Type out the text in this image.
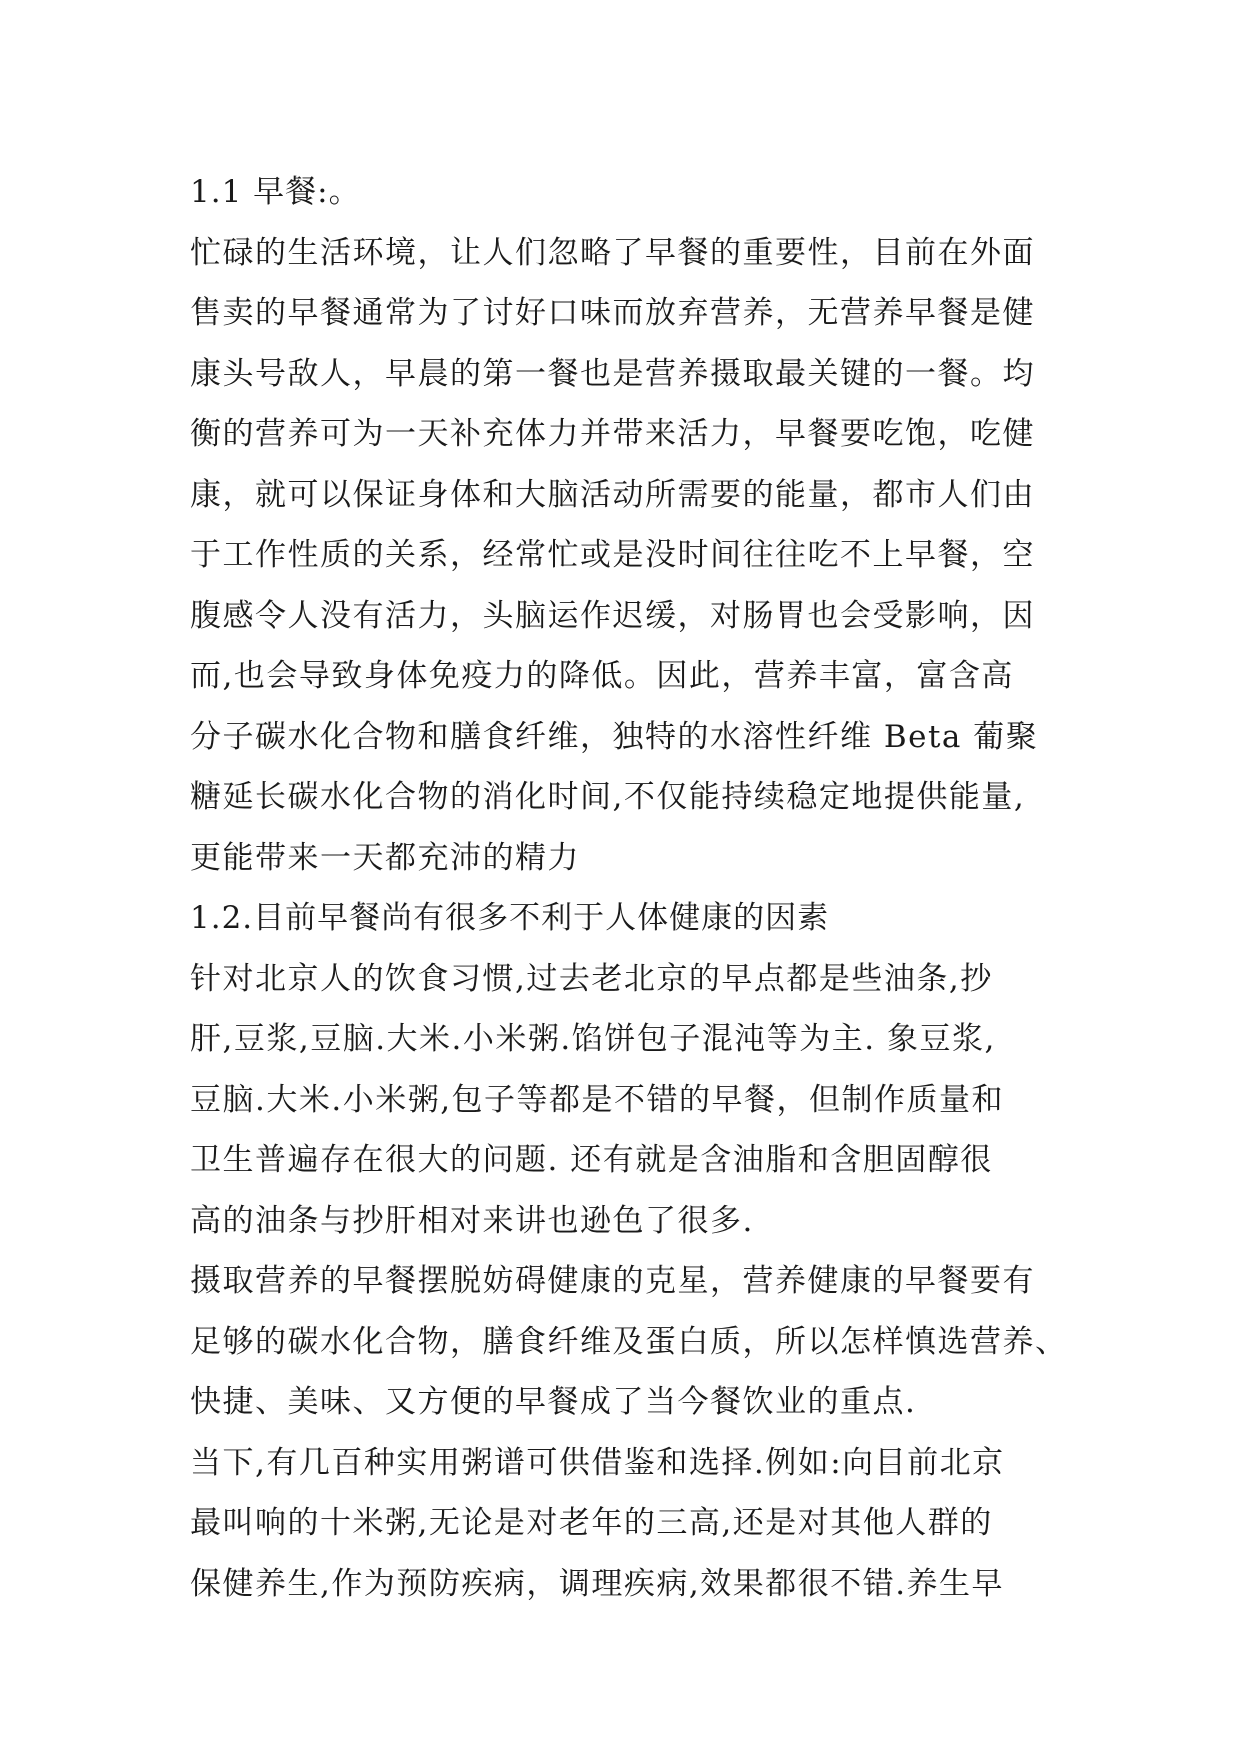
1.1 早餐:。
忙碌的生活环境，让人们忽略了早餐的重要性，目前在外面
售卖的早餐通常为了讨好口味而放弃营养，无营养早餐是健
康头号敌人，早晨的第一餐也是营养摄取最关键的一餐。均
衡的营养可为一天补充体力并带来活力，早餐要吃饱，吃健
康，就可以保证身体和大脑活动所需要的能量，都市人们由
于工作性质的关系，经常忙或是没时间往往吃不上早餐，空
腹感令人没有活力，头脑运作迟缓，对肠胃也会受影响，因
而,也会导致身体免疫力的降低。因此，营养丰富，富含高
分子碳水化合物和膳食纤维，独特的水溶性纤维 Beta 葡聚
糖延长碳水化合物的消化时间,不仅能持续稳定地提供能量,
更能带来一天都充沛的精力
1.2.目前早餐尚有很多不利于人体健康的因素
针对北京人的饮食习惯,过去老北京的早点都是些油条,抄
肝,豆浆,豆脑.大米.小米粥.馅饼包子混沌等为主. 象豆浆,
豆脑.大米.小米粥,包子等都是不错的早餐，但制作质量和
卫生普遍存在很大的问题. 还有就是含油脂和含胆固醇很
高的油条与抄肝相对来讲也逊色了很多.
摄取营养的早餐摆脱妨碍健康的克星，营养健康的早餐要有
足够的碳水化合物，膳食纤维及蛋白质，所以怎样慎选营养、
快捷、美味、又方便的早餐成了当今餐饮业的重点.
当下,有几百种实用粥谱可供借鉴和选择.例如:向目前北京
最叫响的十米粥,无论是对老年的三高,还是对其他人群的
保健养生,作为预防疾病，调理疾病,效果都很不错.养生早
